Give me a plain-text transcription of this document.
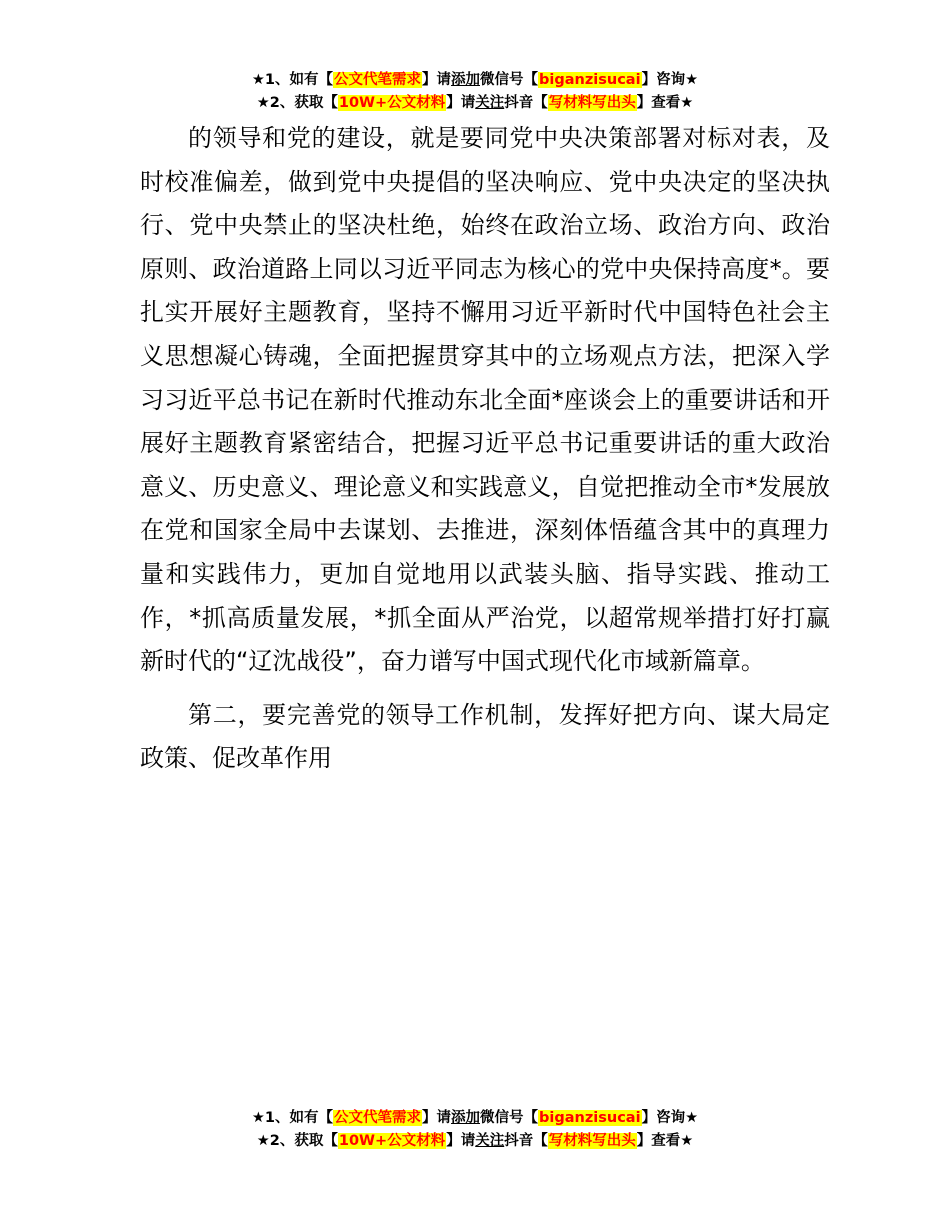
★1、如有【公文代笔需求】请添加微信号【biganzisucai】咨询★
★2、获取【10W+公文材料】请关注抖音【写材料写出头】查看★

的领导和党的建设，就是要同党中央决策部署对标对表，及时校准偏差，做到党中央提倡的坚决响应、党中央决定的坚决执行、党中央禁止的坚决杜绝，始终在政治立场、政治方向、政治原则、政治道路上同以习近平同志为核心的党中央保持高度*。要扎实开展好主题教育，坚持不懈用习近平新时代中国特色社会主义思想凝心铸魂，全面把握贯穿其中的立场观点方法，把深入学习习近平总书记在新时代推动东北全面*座谈会上的重要讲话和开展好主题教育紧密结合，把握习近平总书记重要讲话的重大政治意义、历史意义、理论意义和实践意义，自觉把推动全市*发展放在党和国家全局中去谋划、去推进，深刻体悟蕴含其中的真理力量和实践伟力，更加自觉地用以武装头脑、指导实践、推动工作，*抓高质量发展，*抓全面从严治党，以超常规举措打好打赢新时代的“辽沈战役”，奋力谱写中国式现代化市域新篇章。

第二，要完善党的领导工作机制，发挥好把方向、谋大局定政策、促改革作用

★1、如有【公文代笔需求】请添加微信号【biganzisucai】咨询★
★2、获取【10W+公文材料】请关注抖音【写材料写出头】查看★
